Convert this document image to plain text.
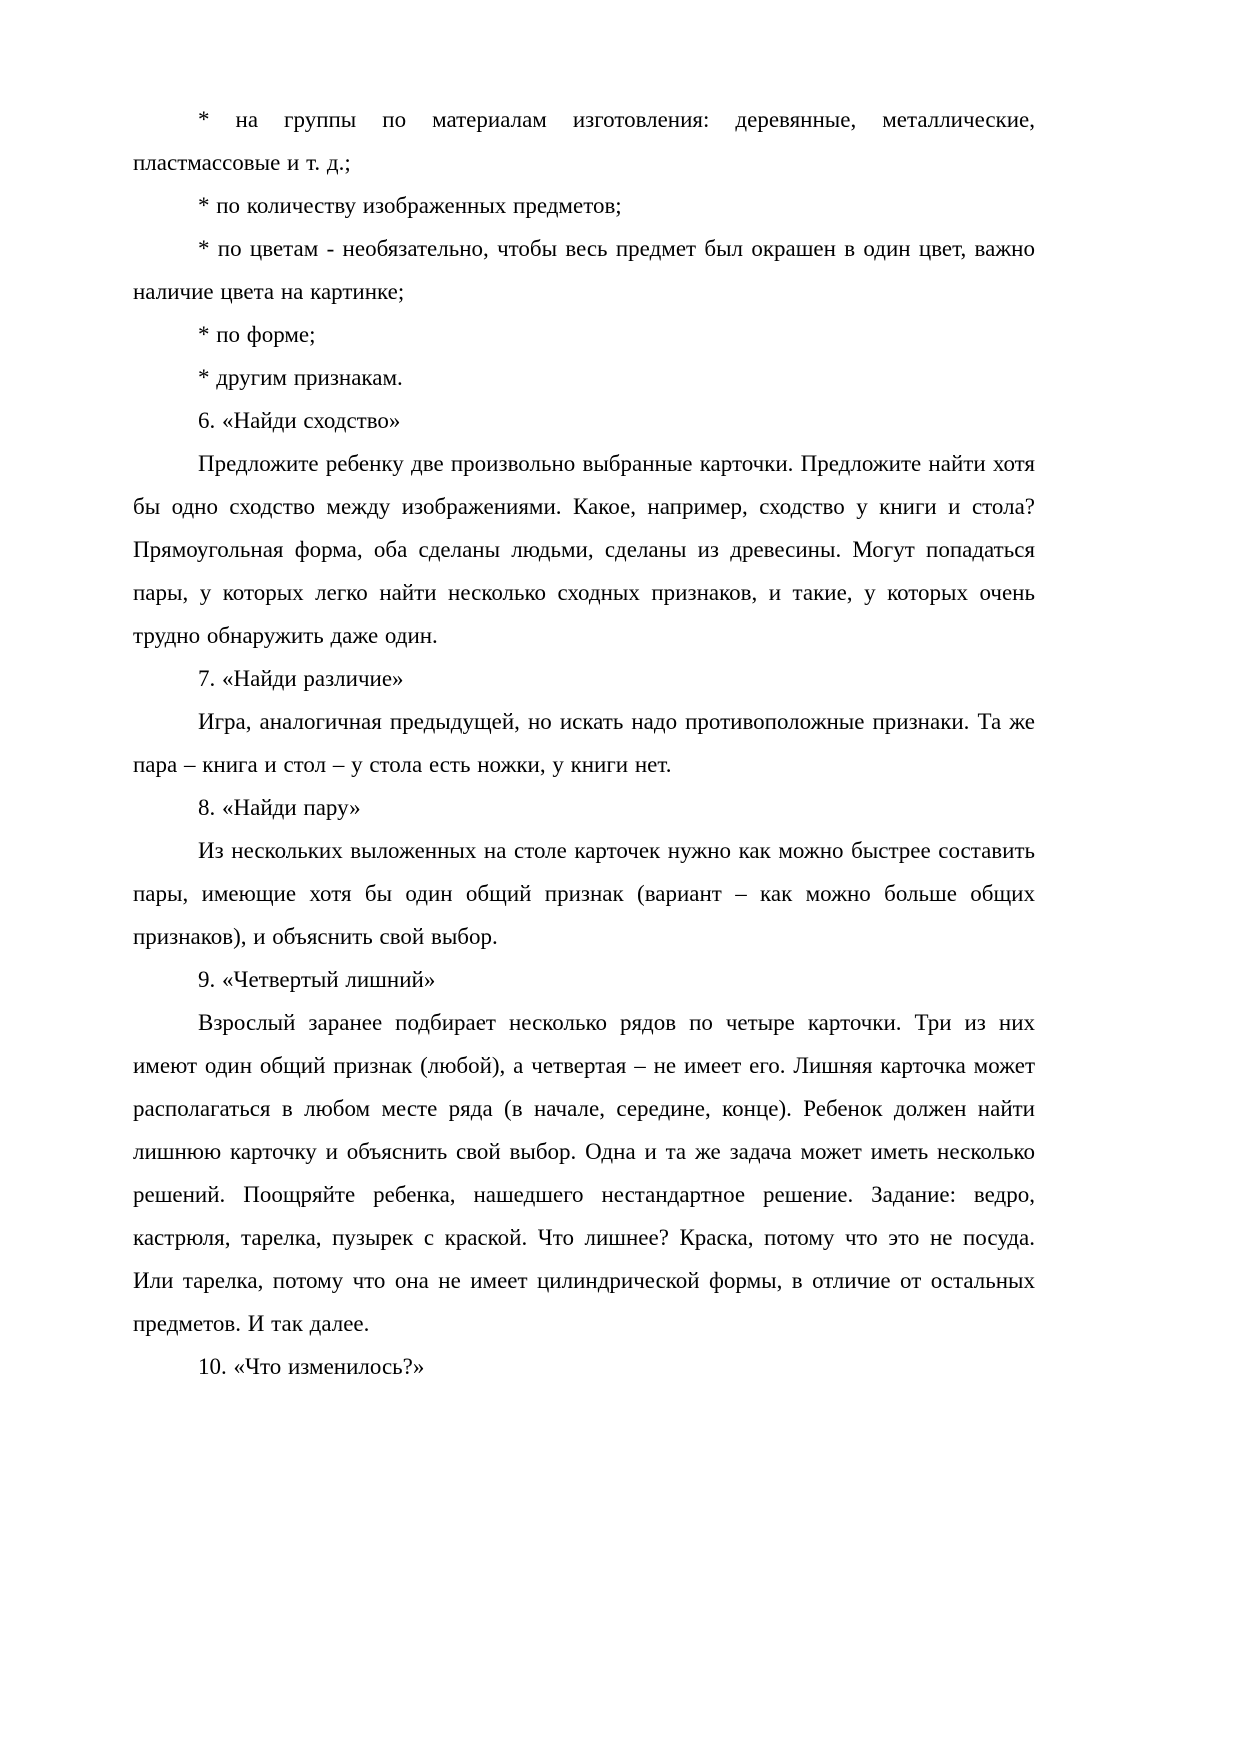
* на группы по материалам изготовления: деревянные, металлические, пластмассовые и т. д.;

* по количеству изображенных предметов;

* по цветам - необязательно, чтобы весь предмет был окрашен в один цвет, важно наличие цвета на картинке;

* по форме;

* другим признакам.

6. «Найди сходство»

Предложите ребенку две произвольно выбранные карточки. Предложите найти хотя бы одно сходство между изображениями. Какое, например, сходство у книги и стола? Прямоугольная форма, оба сделаны людьми, сделаны из древесины. Могут попадаться пары, у которых легко найти несколько сходных признаков, и такие, у которых очень трудно обнаружить даже один.

7. «Найди различие»

Игра, аналогичная предыдущей, но искать надо противоположные признаки. Та же пара – книга и стол – у стола есть ножки, у книги нет.

8. «Найди пару»

Из нескольких выложенных на столе карточек нужно как можно быстрее составить пары, имеющие хотя бы один общий признак (вариант – как можно больше общих признаков), и объяснить свой выбор.

9. «Четвертый лишний»

Взрослый заранее подбирает несколько рядов по четыре карточки. Три из них имеют один общий признак (любой), а четвертая – не имеет его. Лишняя карточка может располагаться в любом месте ряда (в начале, середине, конце). Ребенок должен найти лишнюю карточку и объяснить свой выбор. Одна и та же задача может иметь несколько решений. Поощряйте ребенка, нашедшего нестандартное решение. Задание: ведро, кастрюля, тарелка, пузырек с краской. Что лишнее? Краска, потому что это не посуда. Или тарелка, потому что она не имеет цилиндрической формы, в отличие от остальных предметов. И так далее.

10. «Что изменилось?»
